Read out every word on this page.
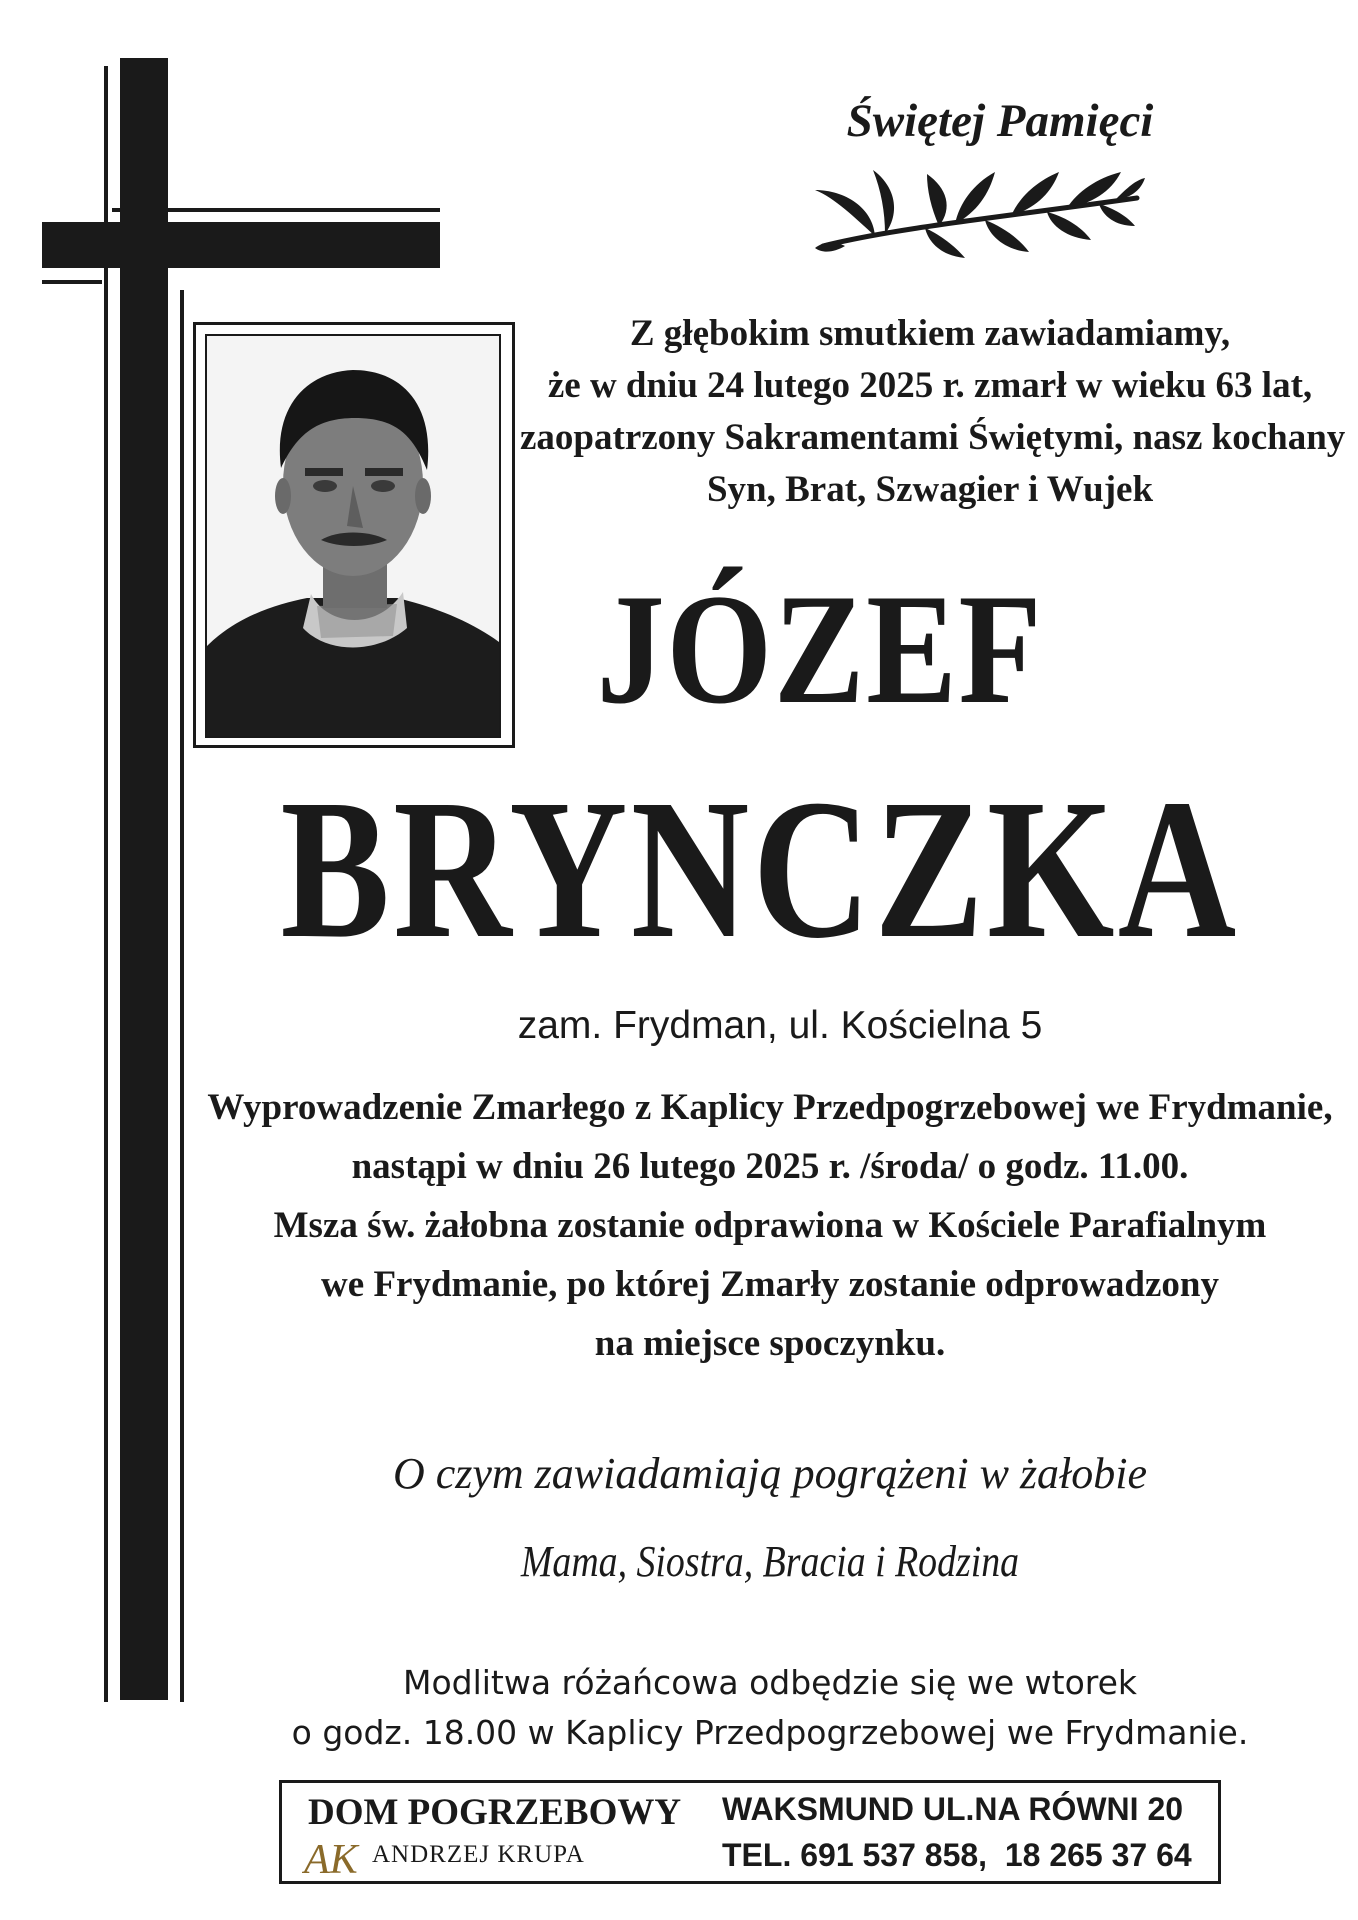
Świętej Pamięci
Z głębokim smutkiem zawiadamiamy,
że w dniu 24 lutego 2025 r. zmarł w wieku 63 lat,
zaopatrzony Sakramentami Świętymi, nasz kochany
Syn, Brat, Szwagier i Wujek
JÓZEF
BRYNCZKA
zam. Frydman, ul. Kościelna 5
Wyprowadzenie Zmarłego z Kaplicy Przedpogrzebowej we Frydmanie,
nastąpi w dniu 26 lutego 2025 r. /środa/ o godz. 11.00.
Msza św. żałobna zostanie odprawiona w Kościele Parafialnym
we Frydmanie, po której Zmarły zostanie odprowadzony
na miejsce spoczynku.
O czym zawiadamiają pogrążeni w żałobie
Mama, Siostra, Bracia i Rodzina
Modlitwa różańcowa odbędzie się we wtorek
o godz. 18.00 w Kaplicy Przedpogrzebowej we Frydmanie.
DOM POGRZEBOWY
AK ANDRZEJ KRUPA
WAKSMUND UL.NA RÓWNI 20
TEL. 691 537 858,  18 265 37 64
